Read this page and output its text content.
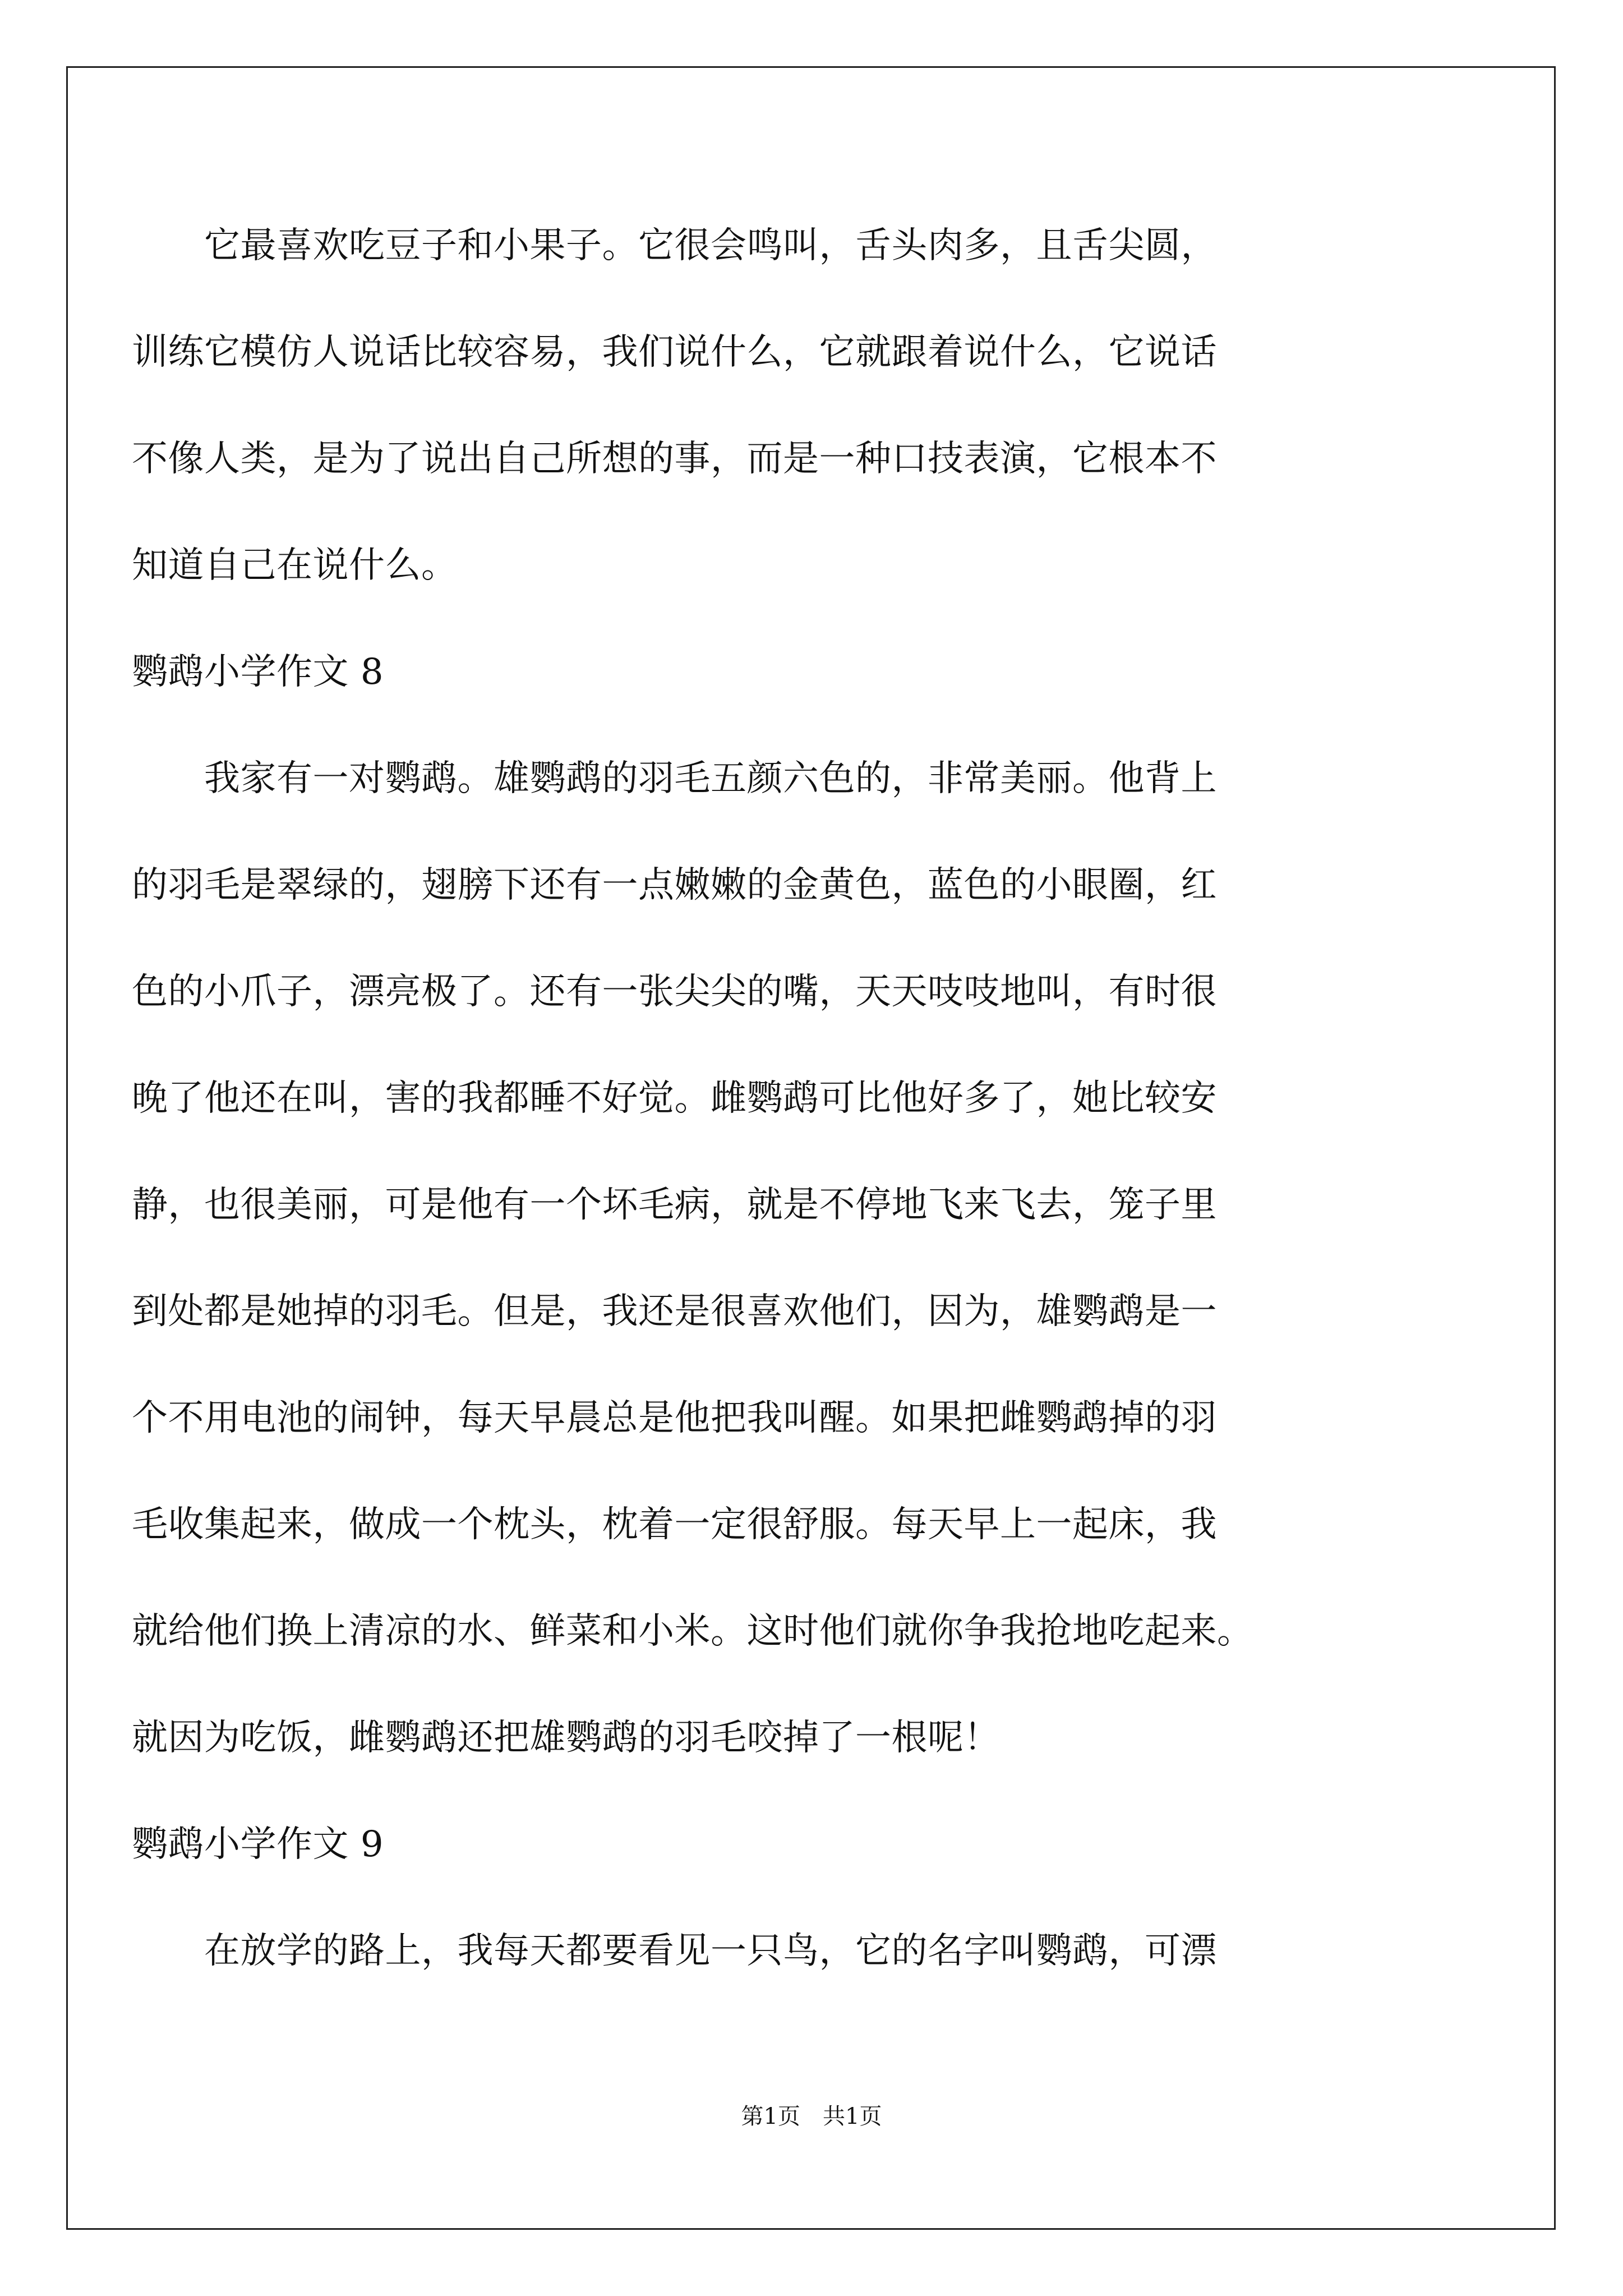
　　它最喜欢吃豆子和小果子。它很会鸣叫，舌头肉多，且舌尖圆，
训练它模仿人说话比较容易，我们说什么，它就跟着说什么，它说话
不像人类，是为了说出自己所想的事，而是一种口技表演，它根本不
知道自己在说什么。
鹦鹉小学作文 8
　　我家有一对鹦鹉。雄鹦鹉的羽毛五颜六色的，非常美丽。他背上
的羽毛是翠绿的，翅膀下还有一点嫩嫩的金黄色，蓝色的小眼圈，红
色的小爪子，漂亮极了。还有一张尖尖的嘴，天天吱吱地叫，有时很
晚了他还在叫，害的我都睡不好觉。雌鹦鹉可比他好多了，她比较安
静，也很美丽，可是他有一个坏毛病，就是不停地飞来飞去，笼子里
到处都是她掉的羽毛。但是，我还是很喜欢他们，因为，雄鹦鹉是一
个不用电池的闹钟，每天早晨总是他把我叫醒。如果把雌鹦鹉掉的羽
毛收集起来，做成一个枕头，枕着一定很舒服。每天早上一起床，我
就给他们换上清凉的水、鲜菜和小米。这时他们就你争我抢地吃起来。
就因为吃饭，雌鹦鹉还把雄鹦鹉的羽毛咬掉了一根呢！
鹦鹉小学作文 9
　　在放学的路上，我每天都要看见一只鸟，它的名字叫鹦鹉，可漂
第1页　共1页
